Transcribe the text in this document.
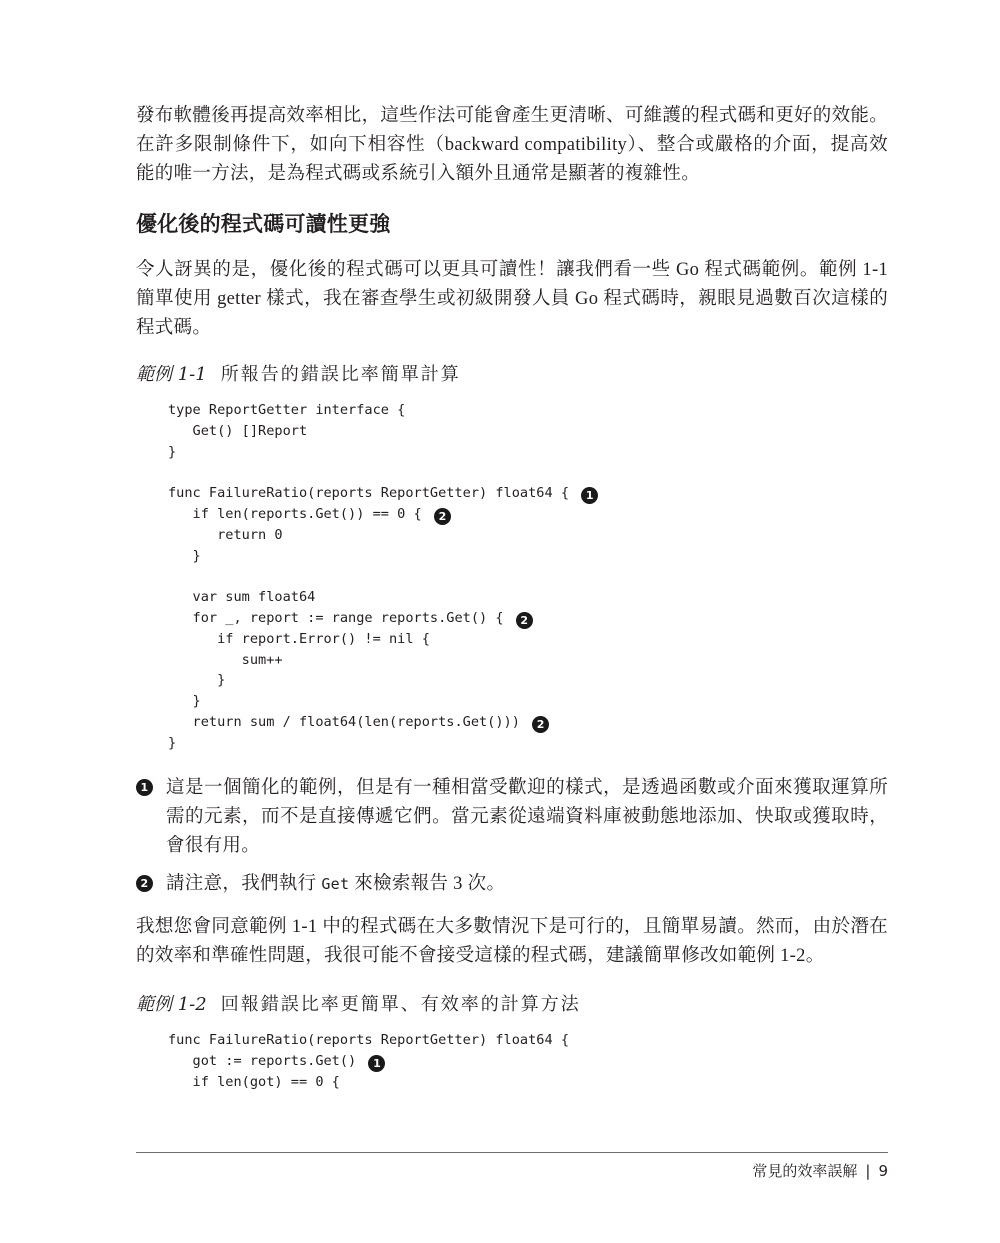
發布軟體後再提高效率相比，這些作法可能會產生更清晰、可維護的程式碼和更好的效能。在許多限制條件下，如向下相容性（backward compatibility）、整合或嚴格的介面，提高效能的唯一方法，是為程式碼或系統引入額外且通常是顯著的複雜性。

優化後的程式碼可讀性更強

令人訝異的是，優化後的程式碼可以更具可讀性！讓我們看一些 Go 程式碼範例。範例 1-1 簡單使用 getter 樣式，我在審查學生或初級開發人員 Go 程式碼時，親眼見過數百次這樣的程式碼。

範例 1-1 所報告的錯誤比率簡單計算
type ReportGetter interface {
Get() []Report
}
func FailureRatio(reports ReportGetter) float64 { 1
if len(reports.Get()) == 0 { 2
return 0
}
var sum float64
for _, report := range reports.Get() { 2
if report.Error() != nil {
sum++
}
}
return sum / float64(len(reports.Get())) 2
}
1 這是一個簡化的範例，但是有一種相當受歡迎的樣式，是透過函數或介面來獲取運算所需的元素，而不是直接傳遞它們。當元素從遠端資料庫被動態地添加、快取或獲取時，會很有用。
2 請注意，我們執行 Get 來檢索報告 3 次。

我想您會同意範例 1-1 中的程式碼在大多數情況下是可行的，且簡單易讀。然而，由於潛在的效率和準確性問題，我很可能不會接受這樣的程式碼，建議簡單修改如範例 1-2。

範例 1-2 回報錯誤比率更簡單、有效率的計算方法
func FailureRatio(reports ReportGetter) float64 {
got := reports.Get() 1
if len(got) == 0 {
常見的效率誤解 | 9
